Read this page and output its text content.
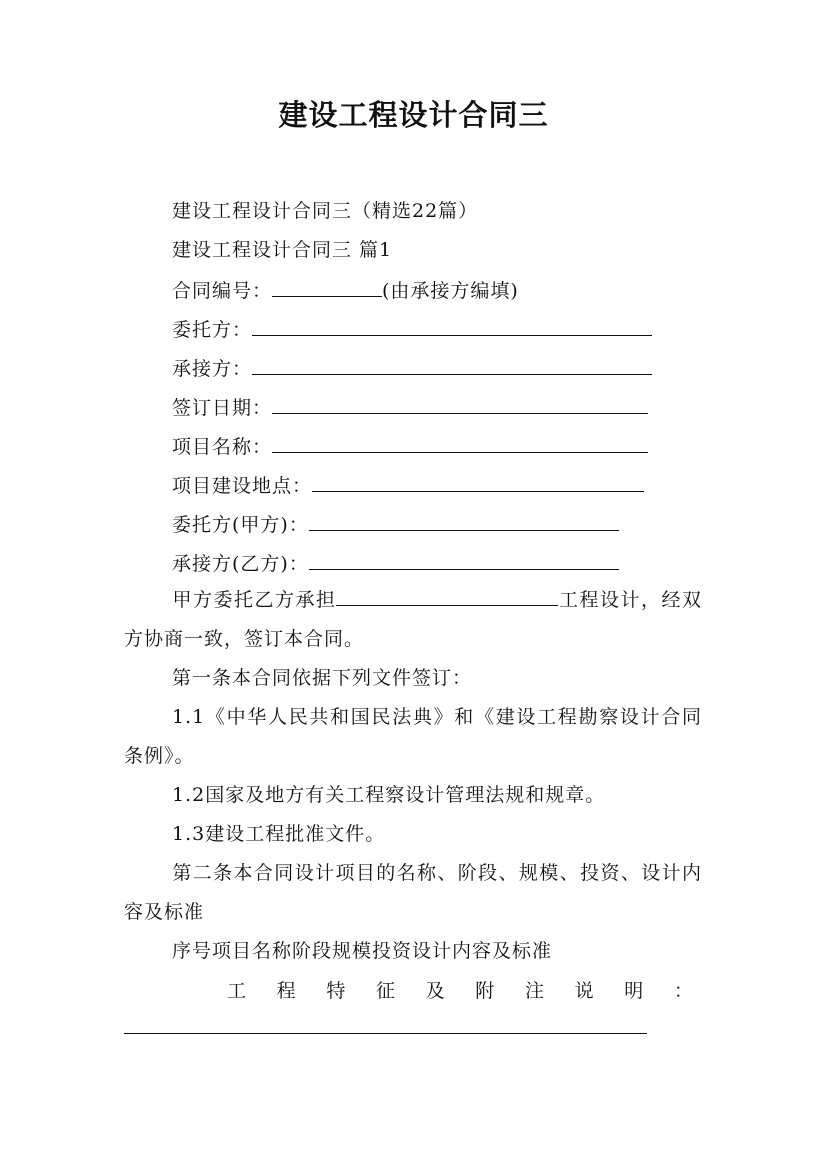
建设工程设计合同三
建设工程设计合同三（精选22篇）
建设工程设计合同三 篇1
合同编号：	(由承接方编填)
委托方：
承接方：
签订日期：
项目名称：
项目建设地点：
委托方(甲方)：
承接方(乙方)：
甲方委托乙方承担	工程设计，经双方协商一致，签订本合同。
第一条本合同依据下列文件签订：
1.1《中华人民共和国民法典》和《建设工程勘察设计合同条例》。
1.2国家及地方有关工程察设计管理法规和规章。
1.3建设工程批准文件。
第二条本合同设计项目的名称、阶段、规模、投资、设计内容及标准
序号项目名称阶段规模投资设计内容及标准
工 程 特 征 及 附 注 说 明 ：
